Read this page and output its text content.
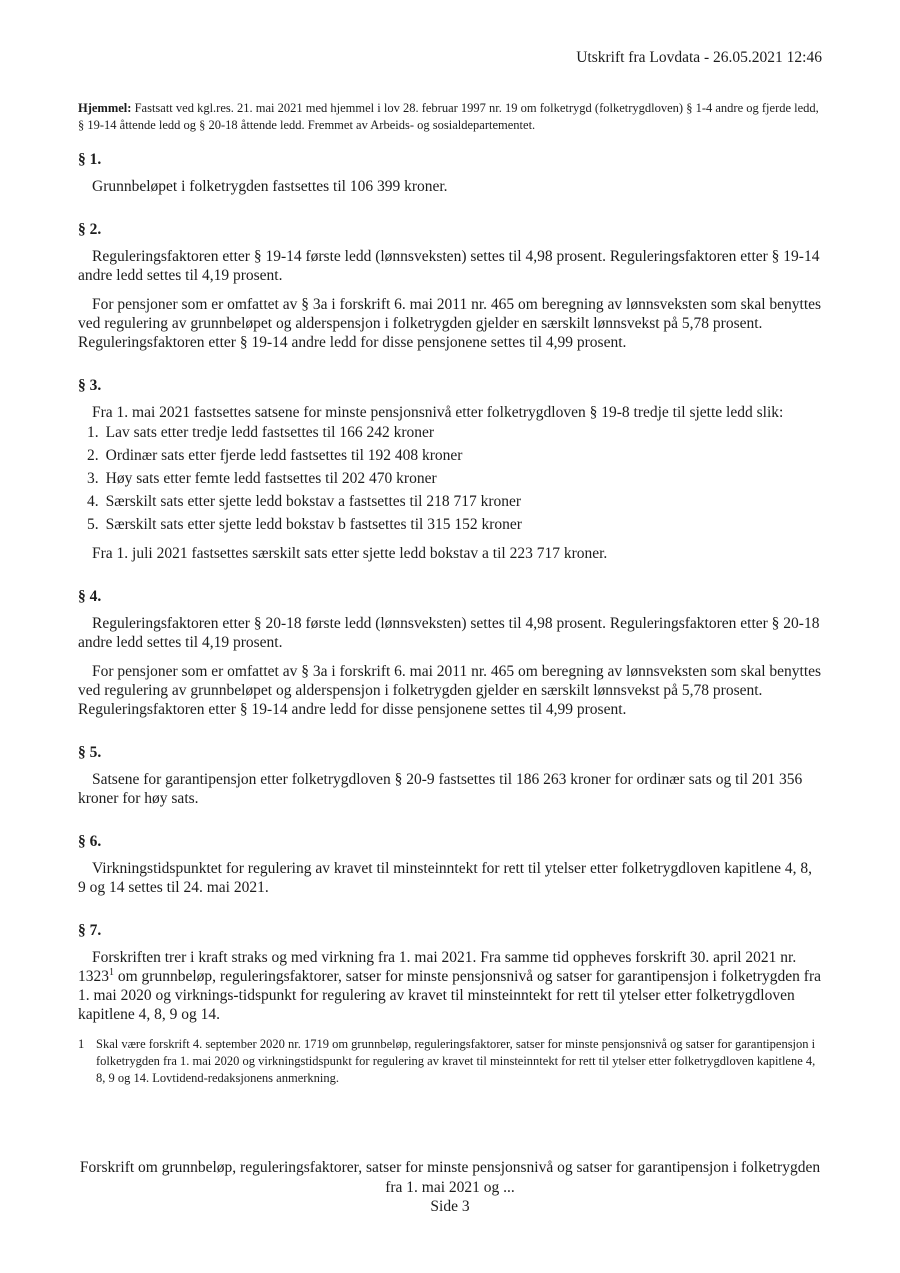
Utskrift fra Lovdata - 26.05.2021 12:46

Hjemmel: Fastsatt ved kgl.res. 21. mai 2021 med hjemmel i lov 28. februar 1997 nr. 19 om folketrygd (folketrygdloven) § 1-4 andre og fjerde ledd, § 19-14 åttende ledd og § 20-18 åttende ledd. Fremmet av Arbeids- og sosialdepartementet.

§ 1.

Grunnbeløpet i folketrygden fastsettes til 106 399 kroner.

§ 2.

Reguleringsfaktoren etter § 19-14 første ledd (lønnsveksten) settes til 4,98 prosent. Reguleringsfaktoren etter § 19-14 andre ledd settes til 4,19 prosent.

For pensjoner som er omfattet av § 3a i forskrift 6. mai 2011 nr. 465 om beregning av lønnsveksten som skal benyttes ved regulering av grunnbeløpet og alderspensjon i folketrygden gjelder en særskilt lønnsvekst på 5,78 prosent. Reguleringsfaktoren etter § 19-14 andre ledd for disse pensjonene settes til 4,99 prosent.

§ 3.

Fra 1. mai 2021 fastsettes satsene for minste pensjonsnivå etter folketrygdloven § 19-8 tredje til sjette ledd slik:

1. Lav sats etter tredje ledd fastsettes til 166 242 kroner
2. Ordinær sats etter fjerde ledd fastsettes til 192 408 kroner
3. Høy sats etter femte ledd fastsettes til 202 470 kroner
4. Særskilt sats etter sjette ledd bokstav a fastsettes til 218 717 kroner
5. Særskilt sats etter sjette ledd bokstav b fastsettes til 315 152 kroner

Fra 1. juli 2021 fastsettes særskilt sats etter sjette ledd bokstav a til 223 717 kroner.

§ 4.

Reguleringsfaktoren etter § 20-18 første ledd (lønnsveksten) settes til 4,98 prosent. Reguleringsfaktoren etter § 20-18 andre ledd settes til 4,19 prosent.

For pensjoner som er omfattet av § 3a i forskrift 6. mai 2011 nr. 465 om beregning av lønnsveksten som skal benyttes ved regulering av grunnbeløpet og alderspensjon i folketrygden gjelder en særskilt lønnsvekst på 5,78 prosent. Reguleringsfaktoren etter § 19-14 andre ledd for disse pensjonene settes til 4,99 prosent.

§ 5.

Satsene for garantipensjon etter folketrygdloven § 20-9 fastsettes til 186 263 kroner for ordinær sats og til 201 356 kroner for høy sats.

§ 6.

Virkningstidspunktet for regulering av kravet til minsteinntekt for rett til ytelser etter folketrygdloven kapitlene 4, 8, 9 og 14 settes til 24. mai 2021.

§ 7.

Forskriften trer i kraft straks og med virkning fra 1. mai 2021. Fra samme tid oppheves forskrift 30. april 2021 nr. 1323$^1$ om grunnbeløp, reguleringsfaktorer, satser for minste pensjonsnivå og satser for garantipensjon i folketrygden fra 1. mai 2020 og virknings-tidspunkt for regulering av kravet til minsteinntekt for rett til ytelser etter folketrygdloven kapitlene 4, 8, 9 og 14.

1 Skal være forskrift 4. september 2020 nr. 1719 om grunnbeløp, reguleringsfaktorer, satser for minste pensjonsnivå og satser for garantipensjon i folketrygden fra 1. mai 2020 og virkningstidspunkt for regulering av kravet til minsteinntekt for rett til ytelser etter folketrygdloven kapitlene 4, 8, 9 og 14. Lovtidend-redaksjonens anmerkning.
Forskrift om grunnbeløp, reguleringsfaktorer, satser for minste pensjonsnivå og satser for garantipensjon i folketrygden fra 1. mai 2021 og ...
Side 3
